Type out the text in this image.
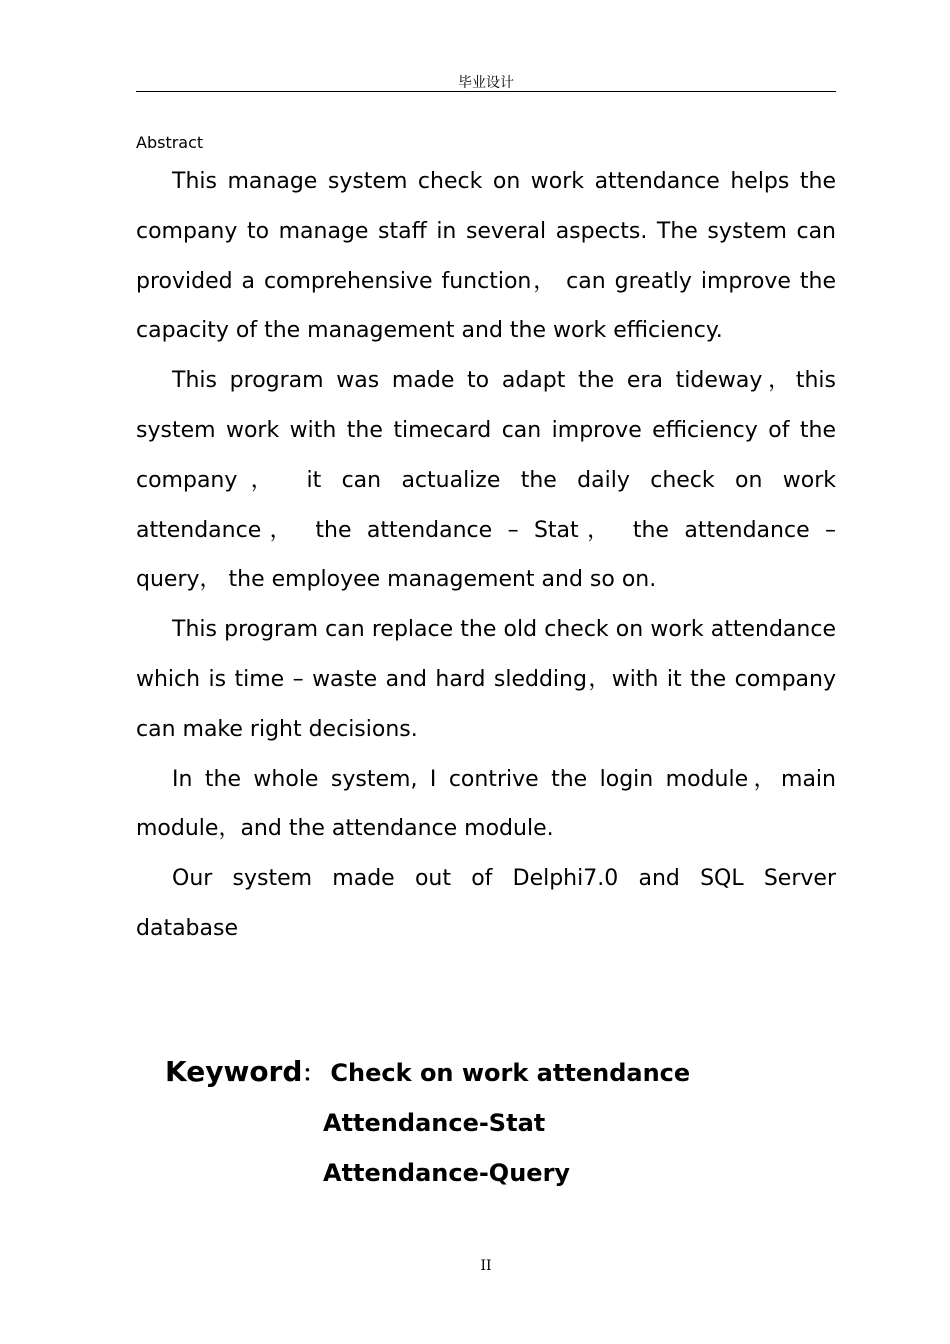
毕业设计
Abstract

This manage system check on work attendance helps the company to manage staff in several aspects. The system can provided a comprehensive function， can greatly improve the capacity of the management and the work efficiency.

This program was made to adapt the era tideway，this system work with the timecard can improve efficiency of the company， it can actualize the daily check on work attendance， the attendance – Stat， the attendance – query， the employee management and so on.

This program can replace the old check on work attendance which is time – waste and hard sledding，with it the company can make right decisions.

In the whole system, I contrive the login module，main module，and the attendance module.

Our system made out of Delphi7.0 and SQL Server database

Keyword： Check on work attendance
Attendance-Stat
Attendance-Query
II
